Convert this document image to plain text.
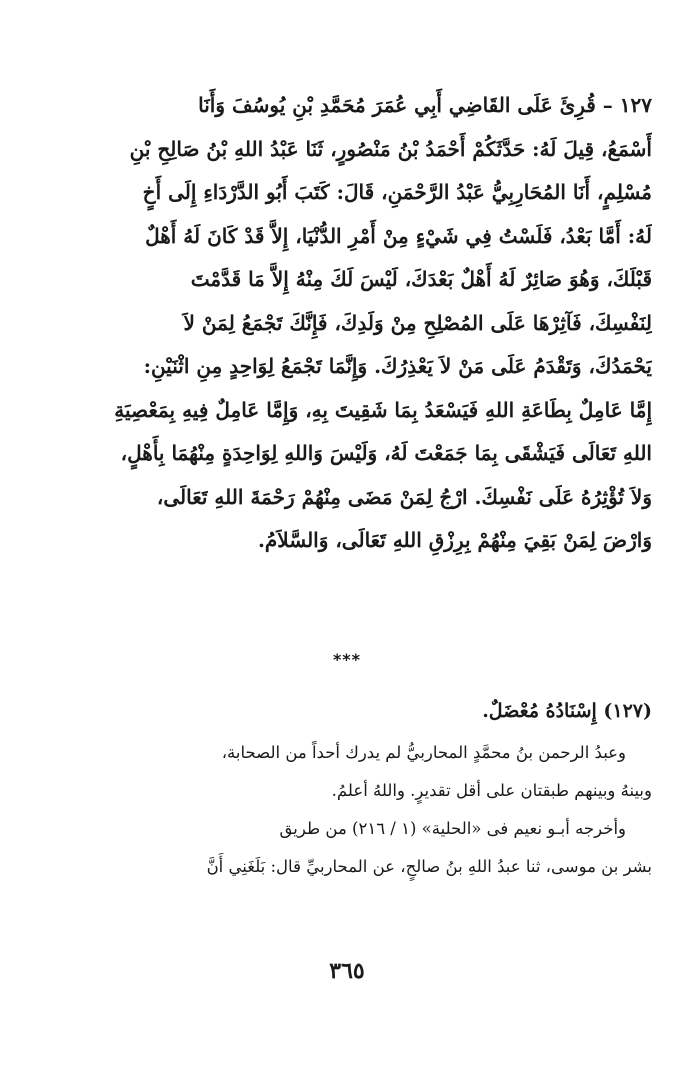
١٢٧ – قُرِئَ عَلَى القَاضِي أَبِي عُمَرَ مُحَمَّدِ بْنِ يُوسُفَ وَأَنَا
أَسْمَعُ، قِيلَ لَهُ: حَدَّثَكُمْ أَحْمَدُ بْنُ مَنْصُورٍ، ثَنَا عَبْدُ اللهِ بْنُ صَالِحِ بْنِ
مُسْلِمٍ، أَنَا المُحَارِبِيُّ عَبْدُ الرَّحْمَنِ، قَالَ: كَتَبَ أَبُو الدَّرْدَاءِ إِلَى أَخٍ
لَهُ: أَمَّا بَعْدُ، فَلَسْتُ فِي شَيْءٍ مِنْ أَمْرِ الدُّنْيَا، إِلاَّ قَدْ كَانَ لَهُ أَهْلٌ
قَبْلَكَ، وَهُوَ صَائِرٌ لَهُ أَهْلٌ بَعْدَكَ، لَيْسَ لَكَ مِنْهُ إِلاَّ مَا قَدَّمْتَ
لِنَفْسِكَ، فَآثِرْهَا عَلَى المُصْلِحِ مِنْ وَلَدِكَ، فَإِنَّكَ تَجْمَعُ لِمَنْ لاَ
يَحْمَدُكَ، وَتَقْدَمُ عَلَى مَنْ لاَ يَعْذِرُكَ. وَإِنَّمَا تَجْمَعُ لِوَاحِدٍ مِنِ اثْنَيْنِ:
إِمَّا عَامِلٌ بِطَاعَةِ اللهِ فَيَسْعَدُ بِمَا شَقِيتَ بِهِ، وَإِمَّا عَامِلٌ فِيهِ بِمَعْصِيَةِ
اللهِ تَعَالَى فَيَشْقَى بِمَا جَمَعْتَ لَهُ، وَلَيْسَ وَاللهِ لِوَاحِدَةٍ مِنْهُمَا بِأَهْلٍ،
وَلاَ تُؤْثِرُهُ عَلَى نَفْسِكَ. ارْجُ لِمَنْ مَضَى مِنْهُمْ رَحْمَةَ اللهِ تَعَالَى،
وَارْضَ لِمَنْ بَقِيَ مِنْهُمْ بِرِزْقِ اللهِ تَعَالَى، وَالسَّلاَمُ.
***
(١٢٧) إِسْنَادُهُ مُعْضَلٌ.
وعبدُ الرحمن بنُ محمَّدٍ المحاربيُّ لم يدرك أحداً من الصحابة،
وبينهُ وبينهم طبقتان على أقل تقديرٍ. واللهُ أعلمُ.
وأخرجه أبـو نعيم فى «الحلية» (١ / ٢١٦) من طريق
بشر بن موسى، ثنا عبدُ اللهِ بنُ صالحٍ، عن المحاربيِّ قال: بَلَغَنِي أَنَّ
٣٦٥
